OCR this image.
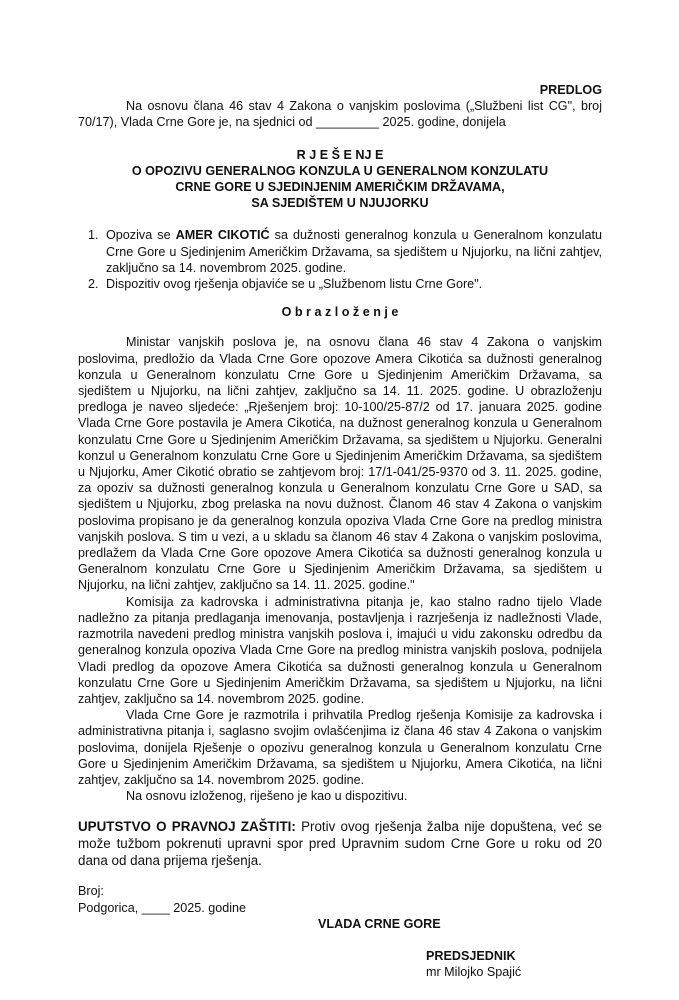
PREDLOG

Na osnovu člana 46 stav 4 Zakona o vanjskim poslovima („Službeni list CG", broj 70/17), Vlada Crne Gore je, na sjednici od _________ 2025. godine, donijela

R J E Š E NJ E
O OPOZIVU GENERALNOG KONZULA U GENERALNOM KONZULATU
CRNE GORE U SJEDINJENIM AMERIČKIM DRŽAVAMA,
SA SJEDIŠTEM U NJUJORKU
1. Opoziva se AMER CIKOTIĆ sa dužnosti generalnog konzula u Generalnom konzulatu Crne Gore u Sjedinjenim Američkim Državama, sa sjedištem u Njujorku, na lični zahtjev, zaključno sa 14. novembrom 2025. godine.
2. Dispozitiv ovog rješenja objaviće se u „Službenom listu Crne Gore".
O b r a z l o ž e n j e

Ministar vanjskih poslova je, na osnovu člana 46 stav 4 Zakona o vanjskim poslovima, predložio da Vlada Crne Gore opozove Amera Cikotića sa dužnosti generalnog konzula u Generalnom konzulatu Crne Gore u Sjedinjenim Američkim Državama, sa sjedištem u Njujorku, na lični zahtjev, zaključno sa 14. 11. 2025. godine. U obrazloženju predloga je naveo sljedeće: „Rješenjem broj: 10-100/25-87/2 od 17. januara 2025. godine Vlada Crne Gore postavila je Amera Cikotića, na dužnost generalnog konzula u Generalnom konzulatu Crne Gore u Sjedinjenim Američkim Državama, sa sjedištem u Njujorku. Generalni konzul u Generalnom konzulatu Crne Gore u Sjedinjenim Američkim Državama, sa sjedištem u Njujorku, Amer Cikotić obratio se zahtjevom broj: 17/1-041/25-9370 od 3. 11. 2025. godine, za opoziv sa dužnosti generalnog konzula u Generalnom konzulatu Crne Gore u SAD, sa sjedištem u Njujorku, zbog prelaska na novu dužnost. Članom 46 stav 4 Zakona o vanjskim poslovima propisano je da generalnog konzula opoziva Vlada Crne Gore na predlog ministra vanjskih poslova. S tim u vezi, a u skladu sa članom 46 stav 4 Zakona o vanjskim poslovima, predlažem da Vlada Crne Gore opozove Amera Cikotića sa dužnosti generalnog konzula u Generalnom konzulatu Crne Gore u Sjedinjenim Američkim Državama, sa sjedištem u Njujorku, na lični zahtjev, zaključno sa 14. 11. 2025. godine."

Komisija za kadrovska i administrativna pitanja je, kao stalno radno tijelo Vlade nadležno za pitanja predlaganja imenovanja, postavljenja i razrješenja iz nadležnosti Vlade, razmotrila navedeni predlog ministra vanjskih poslova i, imajući u vidu zakonsku odredbu da generalnog konzula opoziva Vlada Crne Gore na predlog ministra vanjskih poslova, podnijela Vladi predlog da opozove Amera Cikotića sa dužnosti generalnog konzula u Generalnom konzulatu Crne Gore u Sjedinjenim Američkim Državama, sa sjedištem u Njujorku, na lični zahtjev, zaključno sa 14. novembrom 2025. godine.

Vlada Crne Gore je razmotrila i prihvatila Predlog rješenja Komisije za kadrovska i administrativna pitanja i, saglasno svojim ovlašćenjima iz člana 46 stav 4 Zakona o vanjskim poslovima, donijela Rješenje o opozivu generalnog konzula u Generalnom konzulatu Crne Gore u Sjedinjenim Američkim Državama, sa sjedištem u Njujorku, Amera Cikotića, na lični zahtjev, zaključno sa 14. novembrom 2025. godine.

Na osnovu izloženog, riješeno je kao u dispozitivu.

UPUTSTVO O PRAVNOJ ZAŠTITI: Protiv ovog rješenja žalba nije dopuštena, već se može tužbom pokrenuti upravni spor pred Upravnim sudom Crne Gore u roku od 20 dana od dana prijema rješenja.

Broj:
Podgorica, ____ 2025. godine
VLADA CRNE GORE
PREDSJEDNIK
mr Milojko Spajić
